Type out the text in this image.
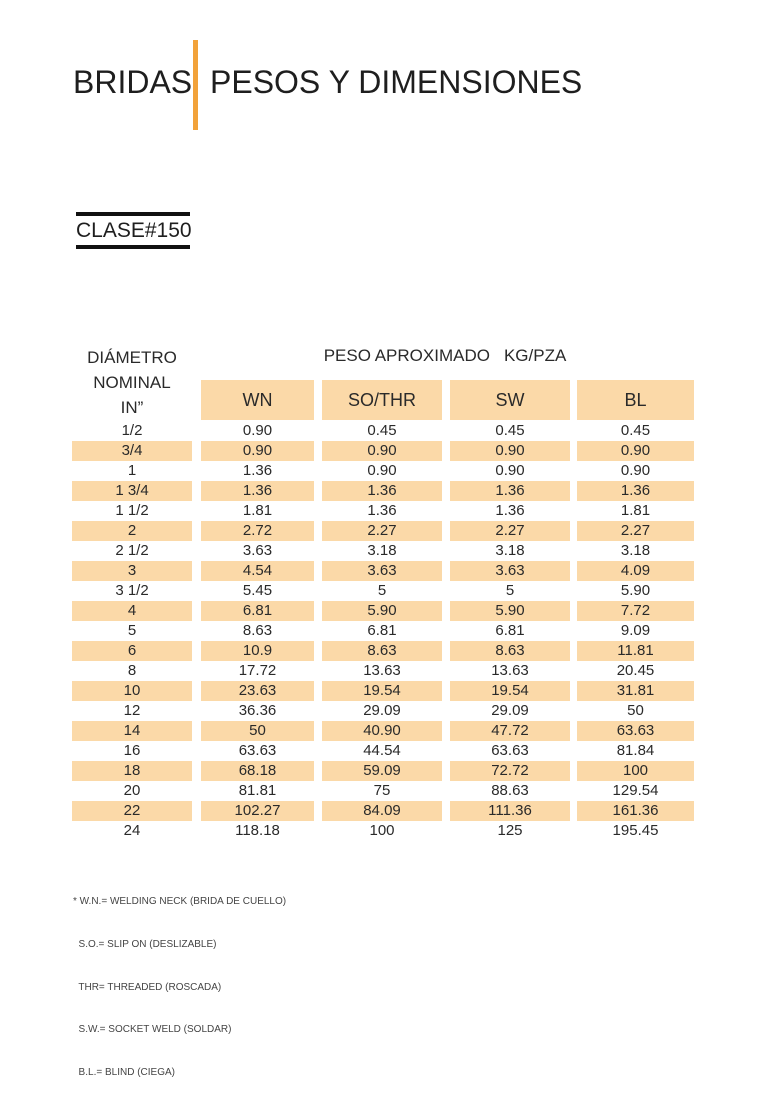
BRIDAS PESOS Y DIMENSIONES
CLASE#150
DIÁMETRO
NOMINAL
IN”
PESO APROXIMADO KG/PZA
WN	SO/THR	SW	BL
1/2	0.90	0.45	0.45	0.45
3/4	0.90	0.90	0.90	0.90
1	1.36	0.90	0.90	0.90
1 3/4	1.36	1.36	1.36	1.36
1 1/2	1.81	1.36	1.36	1.81
2	2.72	2.27	2.27	2.27
2 1/2	3.63	3.18	3.18	3.18
3	4.54	3.63	3.63	4.09
3 1/2	5.45	5	5	5.90
4	6.81	5.90	5.90	7.72
5	8.63	6.81	6.81	9.09
6	10.9	8.63	8.63	11.81
8	17.72	13.63	13.63	20.45
10	23.63	19.54	19.54	31.81
12	36.36	29.09	29.09	50
14	50	40.90	47.72	63.63
16	63.63	44.54	63.63	81.84
18	68.18	59.09	72.72	100
20	81.81	75	88.63	129.54
22	102.27	84.09	111.36	161.36
24	118.18	100	125	195.45

* W.N.= WELDING NECK (BRIDA DE CUELLO)

S.O.= SLIP ON (DESLIZABLE)

THR= THREADED (ROSCADA)

S.W.= SOCKET WELD (SOLDAR)

B.L.= BLIND (CIEGA)
